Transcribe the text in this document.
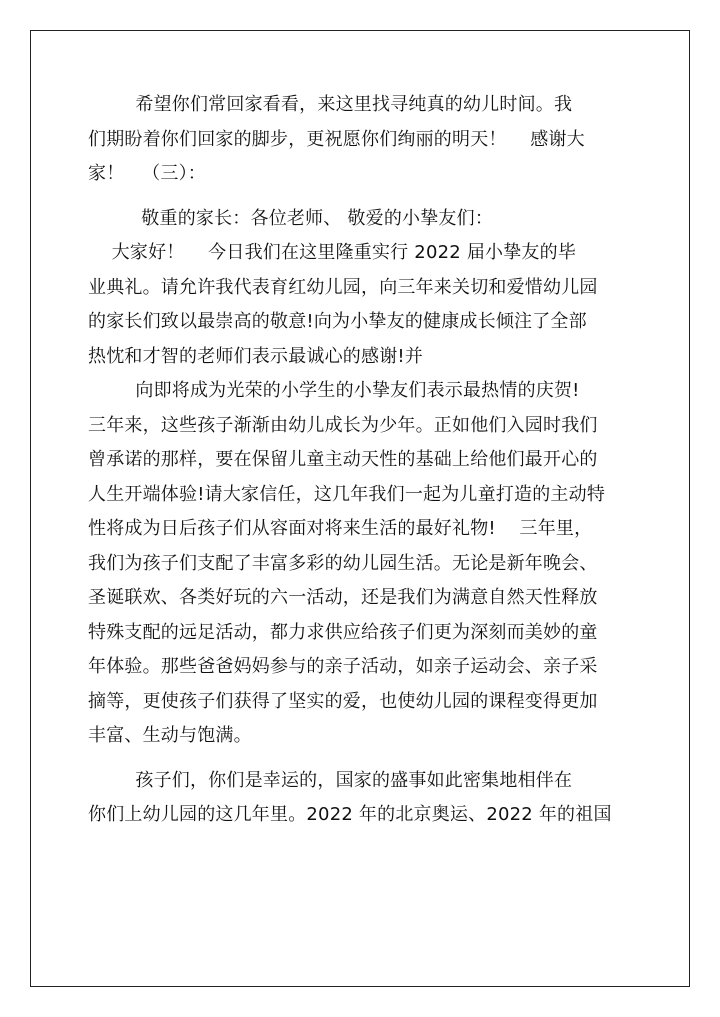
希望你们常回家看看，来这里找寻纯真的幼儿时间。我
们期盼着你们回家的脚步，更祝愿你们绚丽的明天！    感谢大
家！   （三）：
敬重的家长：各位老师、 敬爱的小挚友们：
大家好！    今日我们在这里隆重实行 2022 届小挚友的毕
业典礼。请允许我代表育红幼儿园，向三年来关切和爱惜幼儿园
的家长们致以最崇高的敬意!向为小挚友的健康成长倾注了全部
热忱和才智的老师们表示最诚心的感谢!并
向即将成为光荣的小学生的小挚友们表示最热情的庆贺!
三年来，这些孩子渐渐由幼儿成长为少年。正如他们入园时我们
曾承诺的那样，要在保留儿童主动天性的基础上给他们最开心的
人生开端体验!请大家信任，这几年我们一起为儿童打造的主动特
性将成为日后孩子们从容面对将来生活的最好礼物!    三年里，
我们为孩子们支配了丰富多彩的幼儿园生活。无论是新年晚会、
圣诞联欢、各类好玩的六一活动，还是我们为满意自然天性释放
特殊支配的远足活动，都力求供应给孩子们更为深刻而美妙的童
年体验。那些爸爸妈妈参与的亲子活动，如亲子运动会、亲子采
摘等，更使孩子们获得了坚实的爱，也使幼儿园的课程变得更加
丰富、生动与饱满。
孩子们，你们是幸运的，国家的盛事如此密集地相伴在
你们上幼儿园的这几年里。2022 年的北京奥运、2022 年的祖国
